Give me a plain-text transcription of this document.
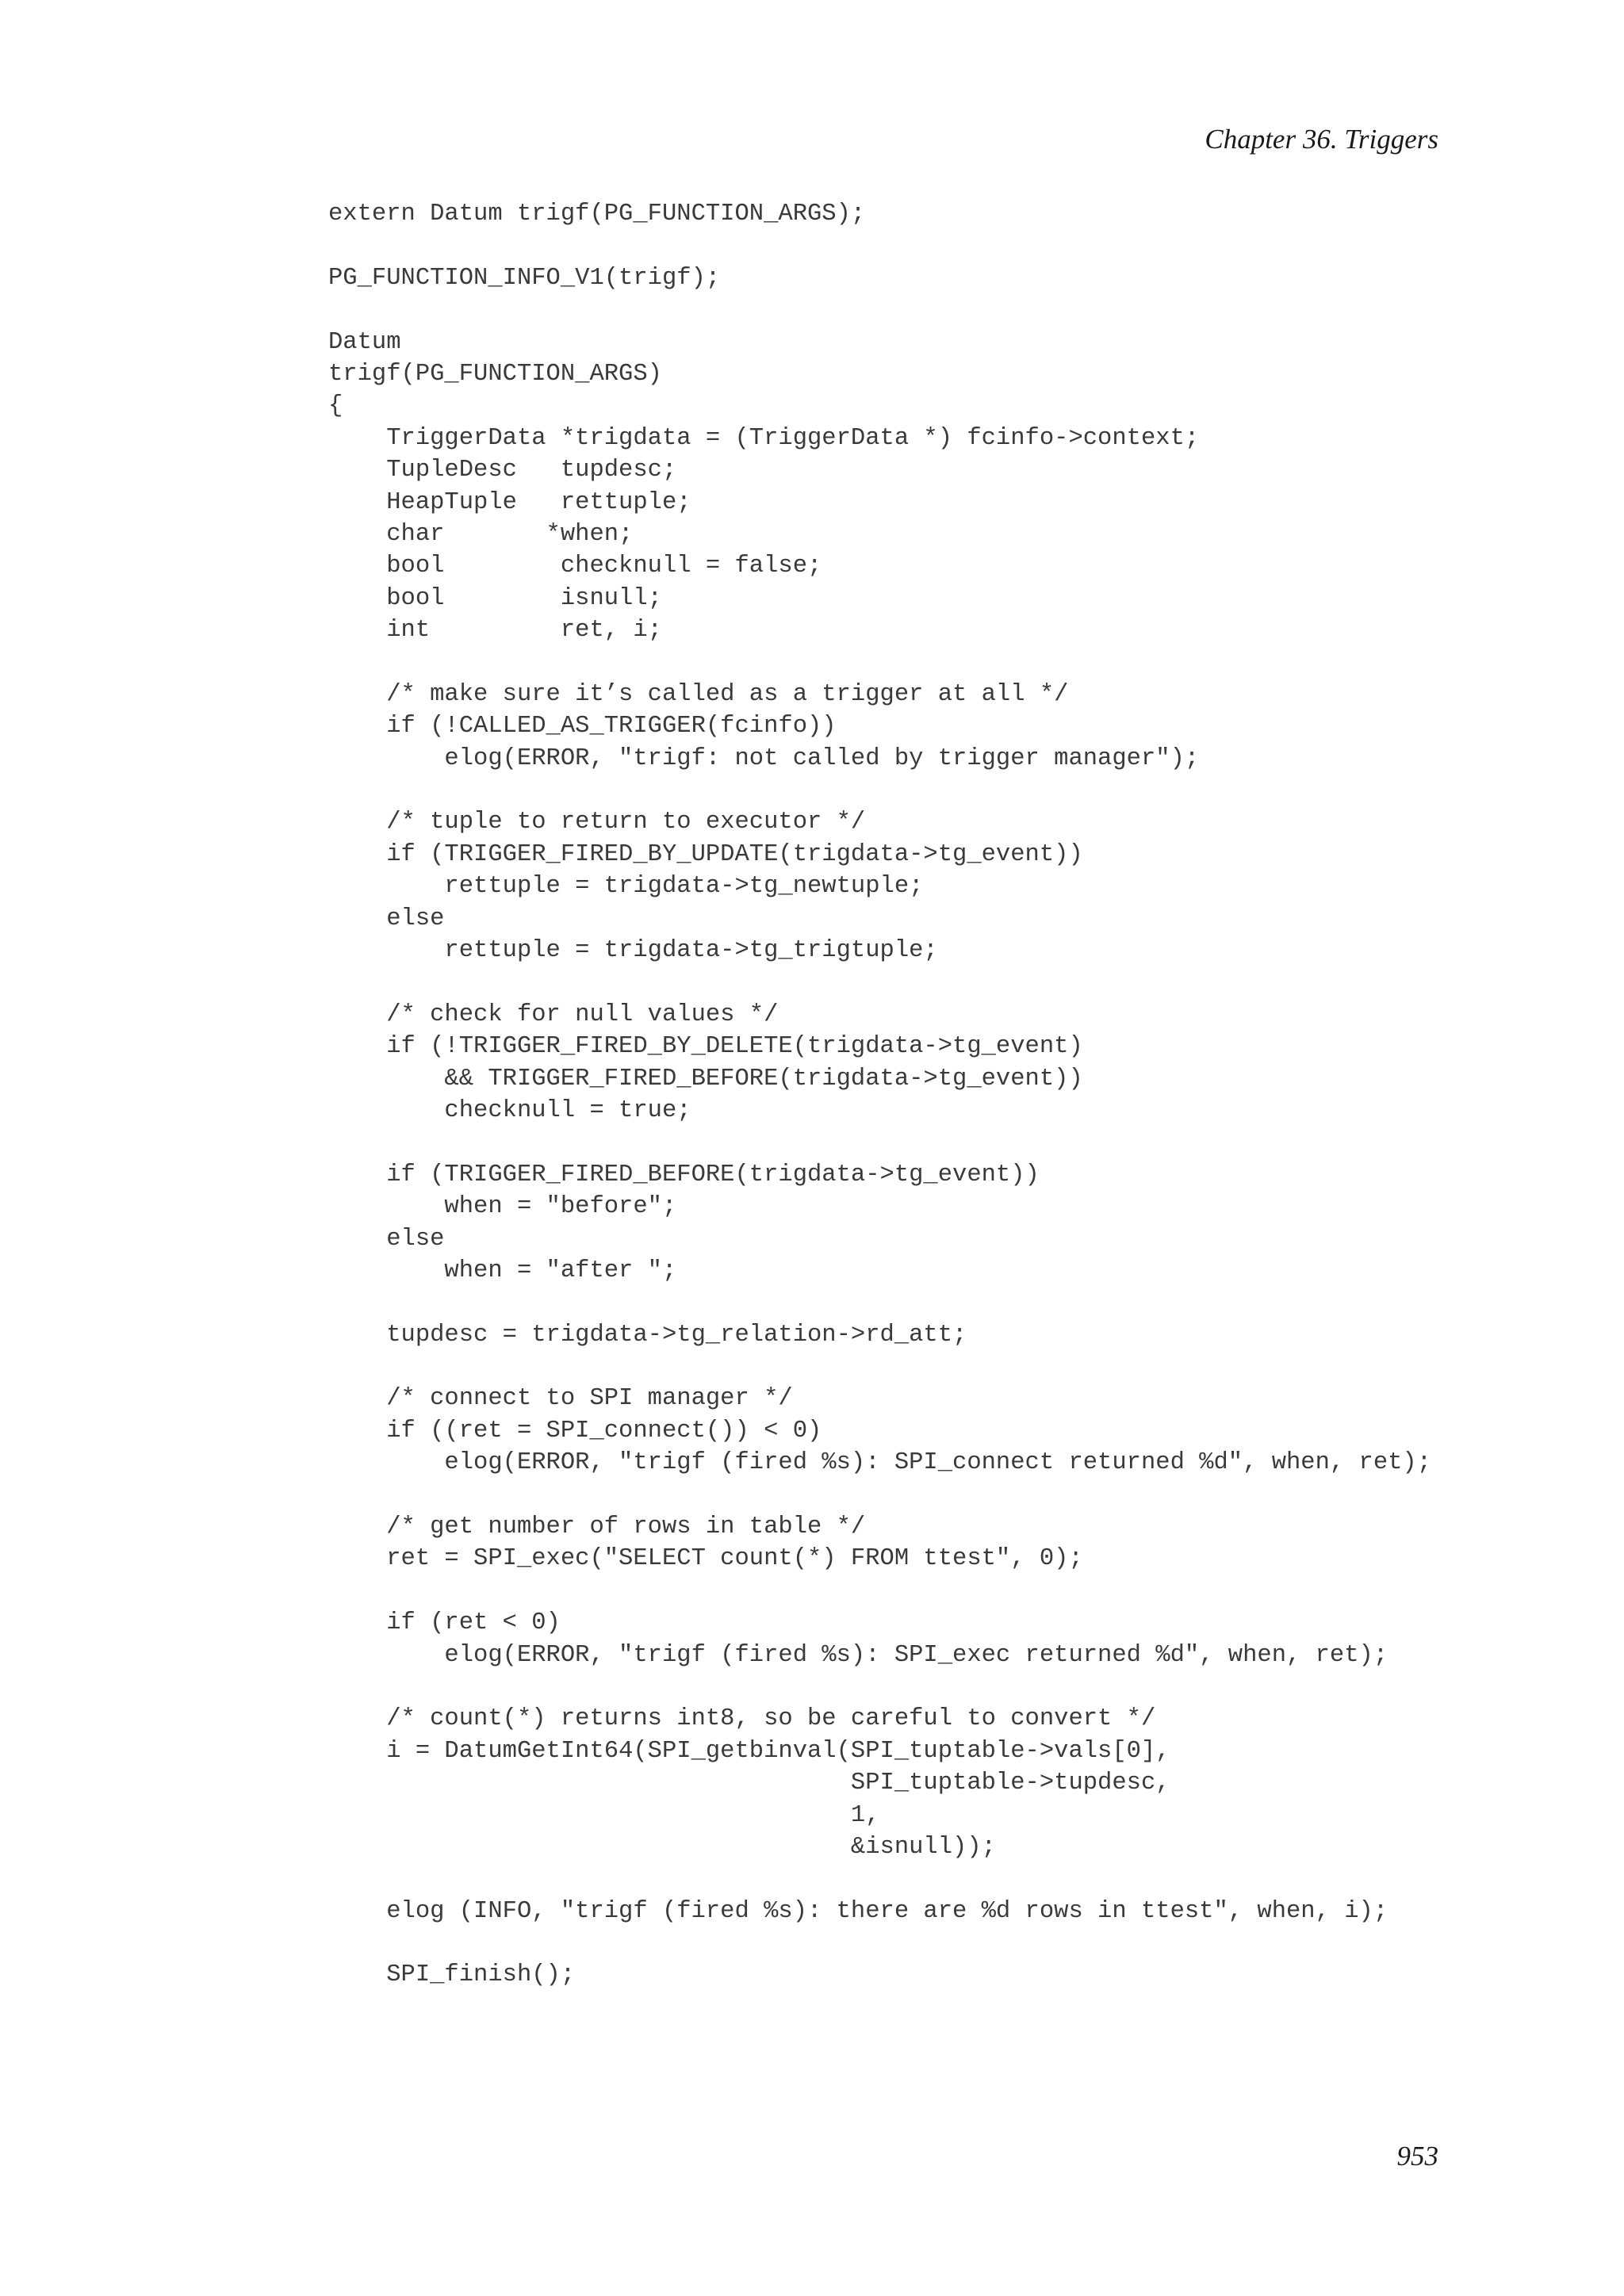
Chapter 36. Triggers
extern Datum trigf(PG_FUNCTION_ARGS);
PG_FUNCTION_INFO_V1(trigf);
Datum
trigf(PG_FUNCTION_ARGS)
{
TriggerData *trigdata = (TriggerData *) fcinfo->context;
TupleDesc   tupdesc;
HeapTuple   rettuple;
char       *when;
bool        checknull = false;
bool        isnull;
int         ret, i;
/* make sure it’s called as a trigger at all */
if (!CALLED_AS_TRIGGER(fcinfo))
elog(ERROR, "trigf: not called by trigger manager");
/* tuple to return to executor */
if (TRIGGER_FIRED_BY_UPDATE(trigdata->tg_event))
rettuple = trigdata->tg_newtuple;
else
rettuple = trigdata->tg_trigtuple;
/* check for null values */
if (!TRIGGER_FIRED_BY_DELETE(trigdata->tg_event)
&& TRIGGER_FIRED_BEFORE(trigdata->tg_event))
checknull = true;
if (TRIGGER_FIRED_BEFORE(trigdata->tg_event))
when = "before";
else
when = "after ";
tupdesc = trigdata->tg_relation->rd_att;
/* connect to SPI manager */
if ((ret = SPI_connect()) < 0)
elog(ERROR, "trigf (fired %s): SPI_connect returned %d", when, ret);
/* get number of rows in table */
ret = SPI_exec("SELECT count(*) FROM ttest", 0);
if (ret < 0)
elog(ERROR, "trigf (fired %s): SPI_exec returned %d", when, ret);
/* count(*) returns int8, so be careful to convert */
i = DatumGetInt64(SPI_getbinval(SPI_tuptable->vals[0],
SPI_tuptable->tupdesc,
1,
&isnull));
elog (INFO, "trigf (fired %s): there are %d rows in ttest", when, i);
SPI_finish();
953
